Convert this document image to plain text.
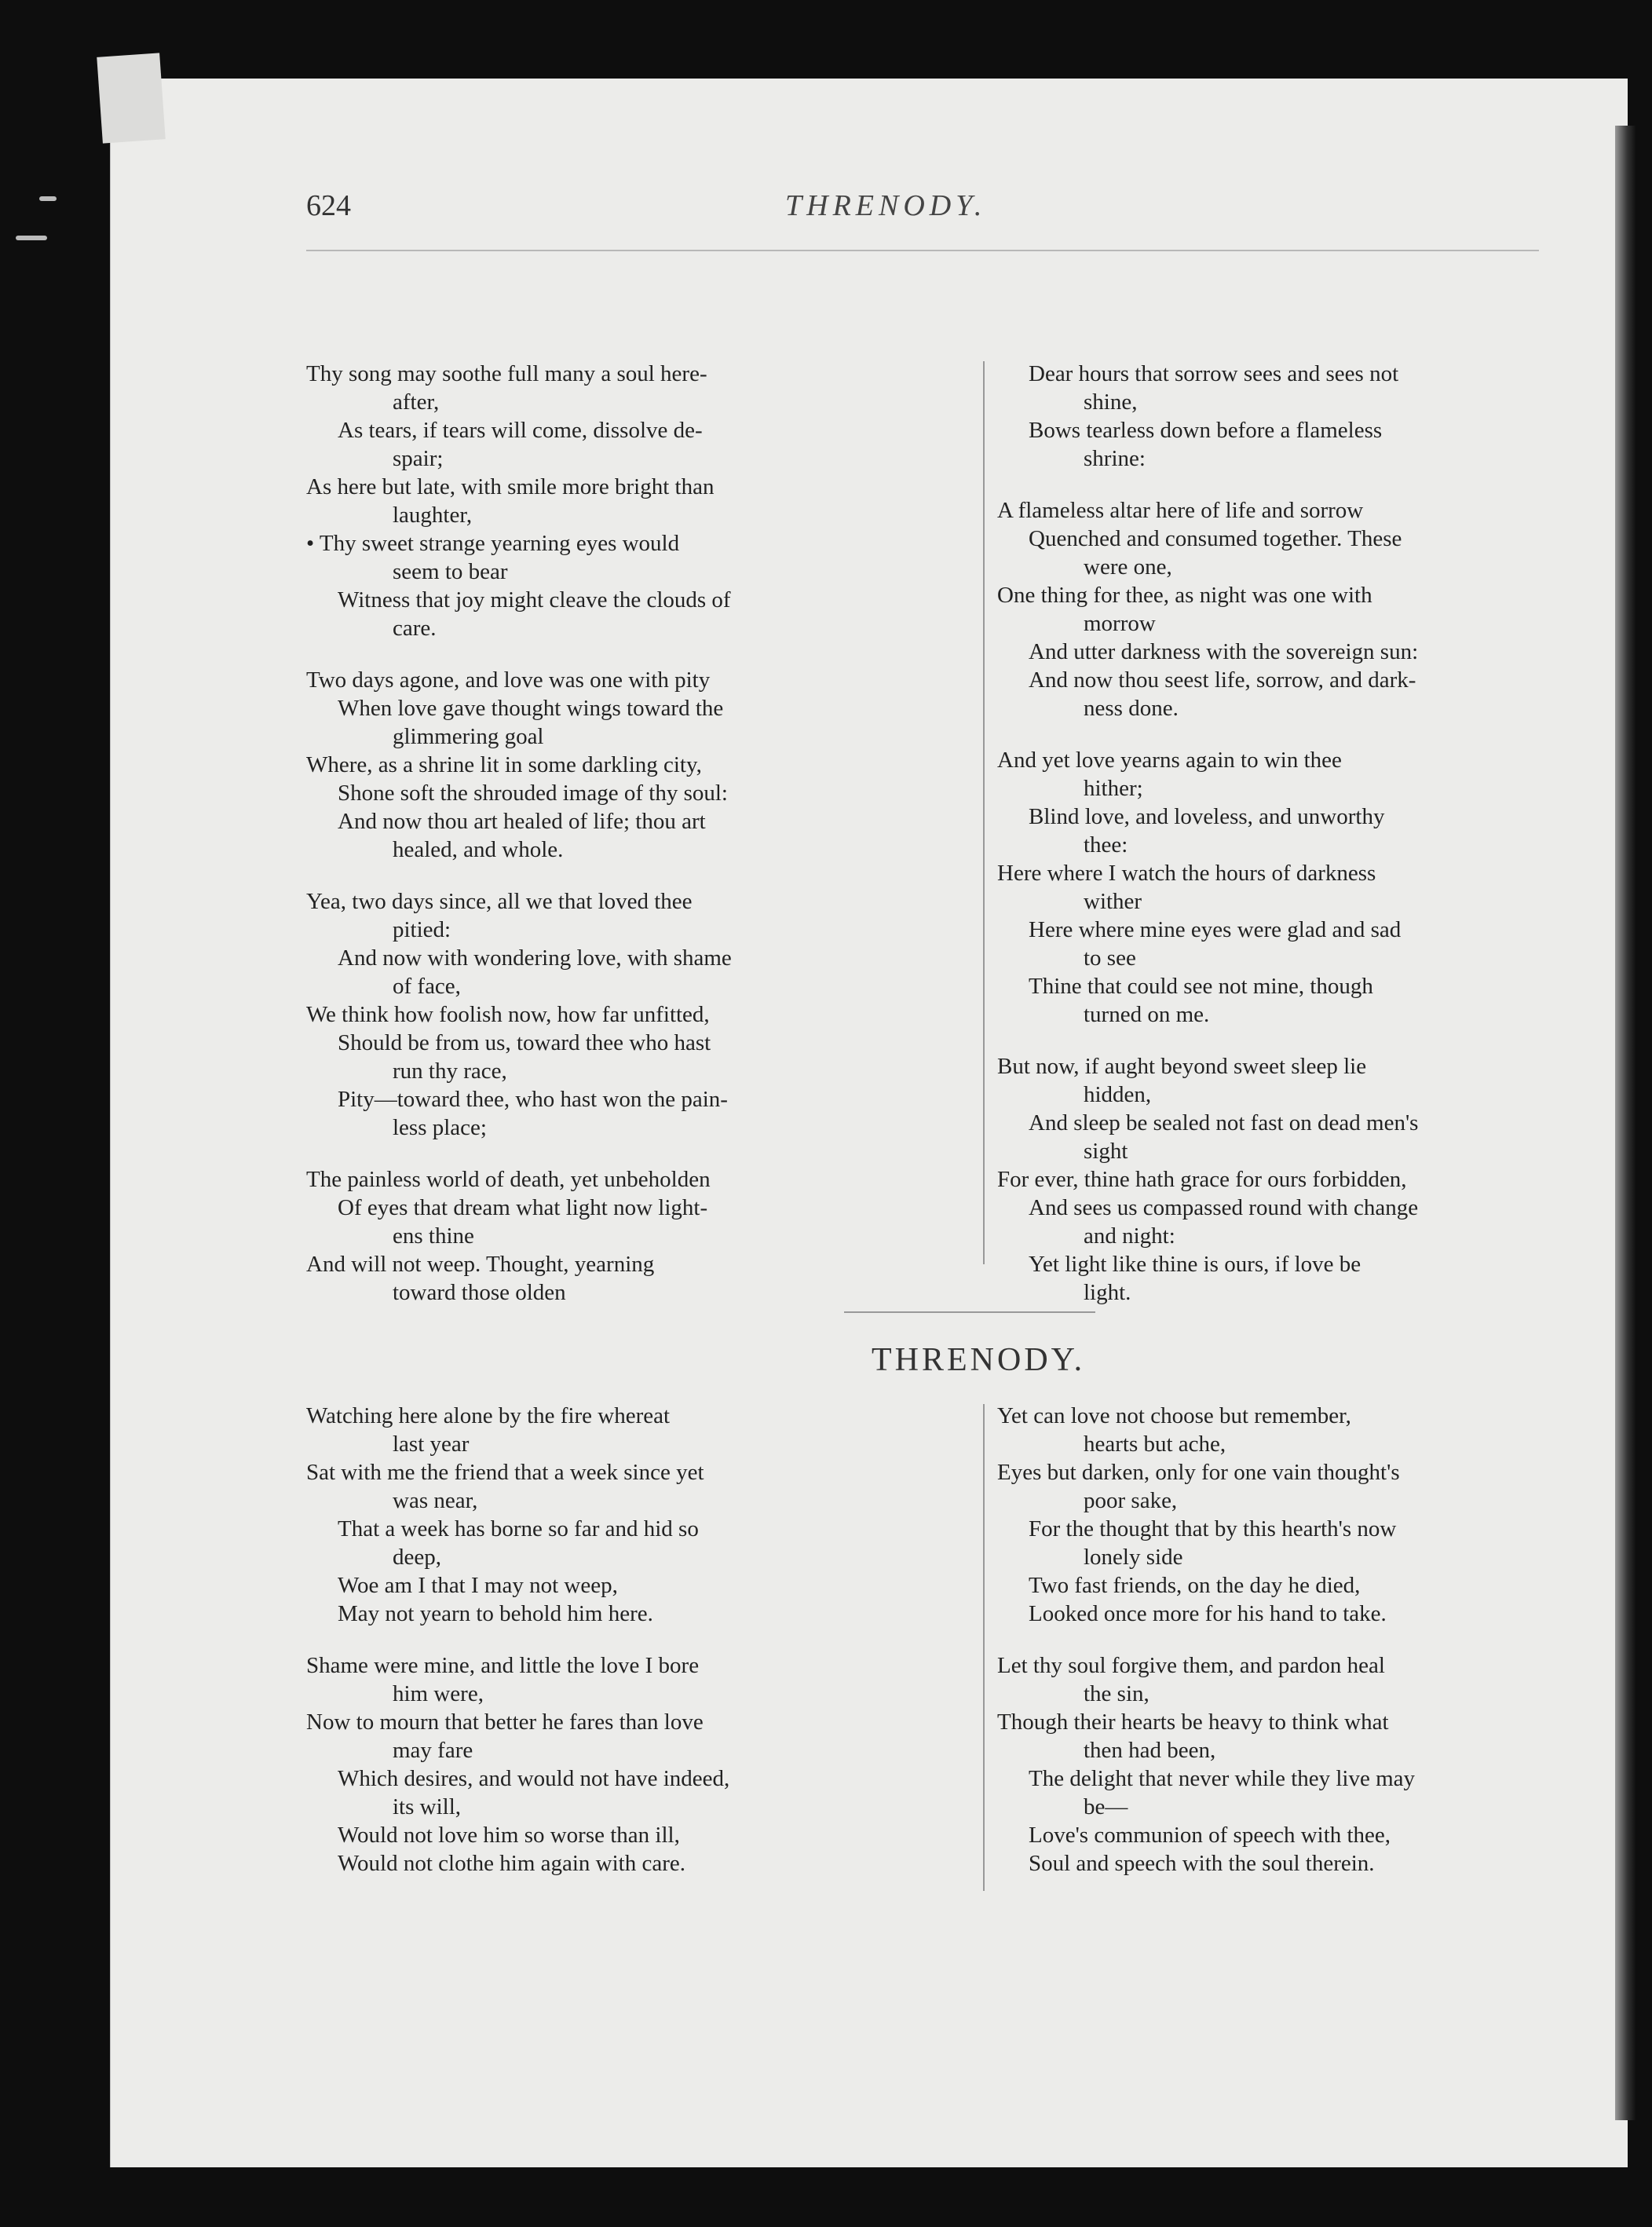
624	THRENODY.
Thy song may soothe full many a soul here-
after,
As tears, if tears will come, dissolve de-
spair;
As here but late, with smile more bright than
laughter,
• Thy sweet strange yearning eyes would
seem to bear
Witness that joy might cleave the clouds of
care.
Two days agone, and love was one with pity
When love gave thought wings toward the
glimmering goal
Where, as a shrine lit in some darkling city,
Shone soft the shrouded image of thy soul:
And now thou art healed of life; thou art
healed, and whole.
Yea, two days since, all we that loved thee
pitied:
And now with wondering love, with shame
of face,
We think how foolish now, how far unfitted,
Should be from us, toward thee who hast
run thy race,
Pity—toward thee, who hast won the pain-
less place;
The painless world of death, yet unbeholden
Of eyes that dream what light now light-
ens thine
And will not weep. Thought, yearning
toward those olden
Dear hours that sorrow sees and sees not
shine,
Bows tearless down before a flameless
shrine:
A flameless altar here of life and sorrow
Quenched and consumed together. These
were one,
One thing for thee, as night was one with
morrow
And utter darkness with the sovereign sun:
And now thou seest life, sorrow, and dark-
ness done.
And yet love yearns again to win thee
hither;
Blind love, and loveless, and unworthy
thee:
Here where I watch the hours of darkness
wither
Here where mine eyes were glad and sad
to see
Thine that could see not mine, though
turned on me.
But now, if aught beyond sweet sleep lie
hidden,
And sleep be sealed not fast on dead men's
sight
For ever, thine hath grace for ours forbidden,
And sees us compassed round with change
and night:
Yet light like thine is ours, if love be
light.
THRENODY.
Watching here alone by the fire whereat
last year
Sat with me the friend that a week since yet
was near,
That a week has borne so far and hid so
deep,
Woe am I that I may not weep,
May not yearn to behold him here.
Shame were mine, and little the love I bore
him were,
Now to mourn that better he fares than love
may fare
Which desires, and would not have indeed,
its will,
Would not love him so worse than ill,
Would not clothe him again with care.
Yet can love not choose but remember,
hearts but ache,
Eyes but darken, only for one vain thought's
poor sake,
For the thought that by this hearth's now
lonely side
Two fast friends, on the day he died,
Looked once more for his hand to take.
Let thy soul forgive them, and pardon heal
the sin,
Though their hearts be heavy to think what
then had been,
The delight that never while they live may
be—
Love's communion of speech with thee,
Soul and speech with the soul therein.
